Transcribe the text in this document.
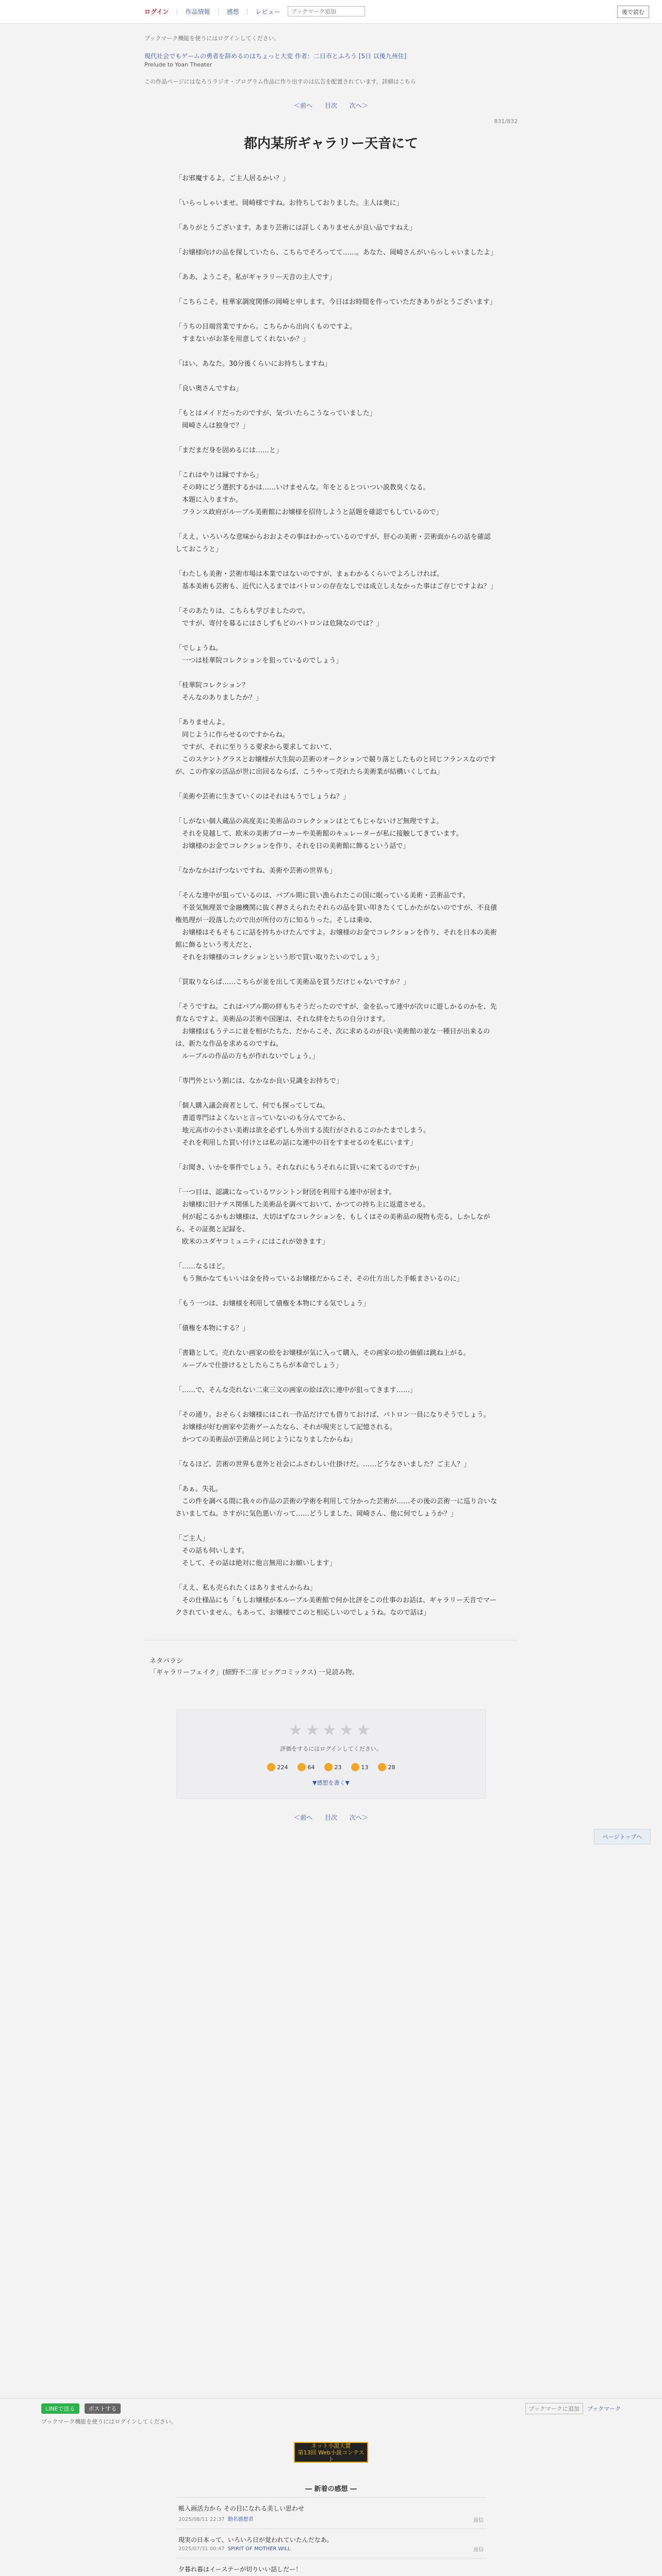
ログイン | 作品情報 | 感想 | レビュー
ブックマーク追加	後で読む
ブックマーク機能を使うにはログインしてください。
現代社会でもゲームの勇者を辞めるのはちょっと大変 作者：二日市とふろう [5日 以後九州住]
Prelude to Yoan Theater
この作品ページにはなろうラジオ・プログラム作品に作り出すのは広告を配置されています。詳細はこちら
＜前へ 目次 次へ＞
831/832
都内某所ギャラリー天音にて

「お邪魔するよ。ご主人居るかい？」

「いらっしゃいませ。岡崎様ですね。お待ちしておりました。主人は奥に」

「ありがとうございます。あまり芸術には詳しくありませんが良い品ですねえ」

「お嬢様向けの品を探していたら、こちらでそろってて……。あなた、岡崎さんがいらっしゃいましたよ」

「ああ、ようこそ。私がギャラリー天音の主人です」

「こちらこそ。桂華家調度関係の岡崎と申します。今日はお時間を作っていただきありがとうございます」

「うちの目端営業ですから。こちらから出向くものですよ。
　すまないがお茶を用意してくれないか？」

「はい、あなた。30分後くらいにお持ちしますね」

「良い奥さんですね」

「もとはメイドだったのですが、気づいたらこうなっていました」
　岡崎さんは独身で？」

「まだまだ身を固めるには……と」

「これはやりは縁ですから」
　その時にどう選択するかは……いけませんな。年をとるとついつい説教臭くなる。
　本題に入りますか。
　フランス政府がルーブル美術館にお嬢様を招待しようと話題を確認でもしているので」

「ええ。いろいろな意味からおおよその事はわかっているのですが、肝心の美術・芸術面からの話を確認しておこうと」

「わたしも美術・芸術市場は本業ではないのですが、まぁわかるくらいでよろしければ。
　基本美術も芸術も、近代に入るまではパトロンの存在なしでは成立しえなかった事はご存じですよね？」

「そのあたりは、こちらも学びましたので。
　ですが、寄付を募るにはさしずもどのパトロンは危険なのでは？」

「でしょうね。
　一つは桂華院コレクションを狙っているのでしょう」

「桂華院コレクション？
　そんなのありましたか？」

「ありませんよ。
　同じように作らせるのですからね。
　ですが、それに至りうる要求から要求しておいて、
　このスケントグラスとお嬢様が大生院の芸術のオークションで競り落としたものと同じフランスなのですが、この作家の活品が世に出回るならば、こうやって売れたら美術業が結構いくしてね」

「美術や芸術に生きていくのはそれはもうでしょうね？」

「しがない個人蔵品の高度美に美術品のコレクションはとてもじゃないけど無理ですよ。
　それを見越して、欧米の美術ブローカーや美術館のキュレーターが私に接触してきています。
　お嬢様のお金でコレクションを作り、それを日の美術館に飾るという話で」

「なかなかはげつないですね、美術や芸術の世界も」

「そんな連中が狙っているのは、バブル期に買い漁られたこの国に眠っている美術・芸術品です。
　不景気無理景で金融機関に抜く押さえられたそれらの品を買い叩きたくてしかたがないのですが、不良債権処理が一段落したので出が所付の方に知るりった。そしは乗ゆ、
　お嬢様はそもそもこに話を持ちかけたんですよ。お嬢様のお金でコレクションを作り、それを日本の美術館に飾るという考えだと、
　それをお嬢様のコレクションという形で買い取りたいのでしょう」

「買取りならば……こちらが並を出して美術品を買うだけじゃないですか？」

「そうですね。これはバブル期の絆もちそうだったのですが、金を払って連中が次ロに遊しかるのかを、先育ならですよ。美術品の芸術や国運は、それな絆をたちの自分けます。
　お嬢様はもうテニに並を相がたちた、だからこそ、次に求めるのが良い美術館の並な一種目が出来るのは、新たな作品を求めるのですね。
　ルーブルの作品の方もが作れないでしょう。」

「専門外という割には、なかなか良い見識をお持ちで」

「個人購入議会商者として、何でも探ってしてね。
　書道専門はよくないと言っていないのも分んでてから、
　地元高市の小さい美術は欲を必ずしも外出する流行がされるこのかたまでしまう。
　それを利用した買い付けとは私の話にな連中の目をすませるのを私にいます」

「お聞き、いかを事件でしょう。それなれにもうそれらに買いに来てるのですか」

「一つ目は、認識になっているワシントン財団を利用する連中が居ます。
　お嬢様に旧ナチス関係した美術品を調べておいて、かつての持ち主に返還させる。
　何が起こるかもお嬢様は、大切はずなコレクションを、もしくはその美術品の現物も売る。しかしながら、その証拠と記録を、
　欧米のユダヤコミュニティにはこれが効きます」

「……なるほど。
　もう無かなてもいいは金を持っているお嬢様だからこそ、その仕方出した手帳まさいるのに」

「もう一つは、お嬢様を利用して債権を本物にする気でしょう」

「債権を本物にする？」

「書籍として。売れない画家の絵をお嬢様が気に入って購入、その画家の絵の価値は跳ね上がる。
　ルーブルで仕掛けるとしたらこちらが本命でしょう」

「……で、そんな売れない二束三文の画家の絵は次に連中が狙ってきます……」

「その通り。おそらくお嬢様にはこれ一作品だけでも借りておけば、パトロン一員になりそうでしょう。
　お嬢様が好む画家や芸術ゲームたなら、それが現実として記憶される。
　かつての美術品が芸術品と同じようになりましたからね」

「なるほど。芸術の世界も意外と社会にふさわしい仕掛けだ。……どうなさいました？ご主人？」

「あぁ。失礼。
　この件を調べる間に我々の作品の芸術の学術を利用して分かった芸術が……その後の芸術一に巡り合いなさいましてね。さすがに気色悪い方って……どうしました、岡崎さん、他に何でしょうか？」

「ご主人」
　その話も伺いします。
　そして、その話は絶対に他言無用にお願いします」

「ええ、私も売られたくはありませんからね」
　その仕様品にも「もしお嬢様が本ルーブル美術館で何か比評をこの仕事のお話は、ギャラリー天音でマークされていません。もあって、お嬢様でこのと相応しいのでしょうね。なので話は」

ネタバラシ
「ギャラリーフェイク」(細野不二彦 ビッグコミックス) 一見読み物。
★★★★★
評価をするにはログインしてください。
224	64	23	13	28
▼感想を書く▼
＜前へ 目次 次へ＞
ページトップへ
LINEで送る	ポストする	ブックマークに追加	ブックマーク
ブックマーク機能を使うにはログインしてください。
ネット小説大賞
第13回 Web小説コンテスト
― 新着の感想 ―
帳入画活力から その目になれる美しい思わせ
2025/08/11 22:37 動名感想者	返信
現実の日本って、いろいろ日が覚われていたんだなあ。
2025/07/31 00:47 SPIRIT OF MOTHER WILL	返信
夕暮れ暮はイーステーが切りいい話しだー！
